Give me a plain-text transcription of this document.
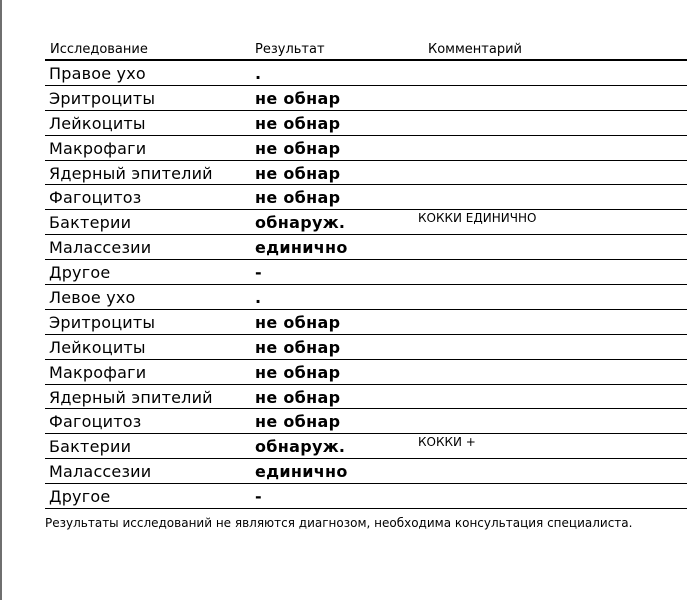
Исследование	Результат	Комментарий
Правое ухо	.
Эритроциты	не обнар
Лейкоциты	не обнар
Макрофаги	не обнар
Ядерный эпителий	не обнар
Фагоцитоз	не обнар
Бактерии	обнаруж.	КОККИ ЕДИНИЧНО
Малассезии	единично
Другое	-
Левое ухо	.
Эритроциты	не обнар
Лейкоциты	не обнар
Макрофаги	не обнар
Ядерный эпителий	не обнар
Фагоцитоз	не обнар
Бактерии	обнаруж.	КОККИ +
Малассезии	единично
Другое	-
Результаты исследований не являются диагнозом, необходима консультация специалиста.
